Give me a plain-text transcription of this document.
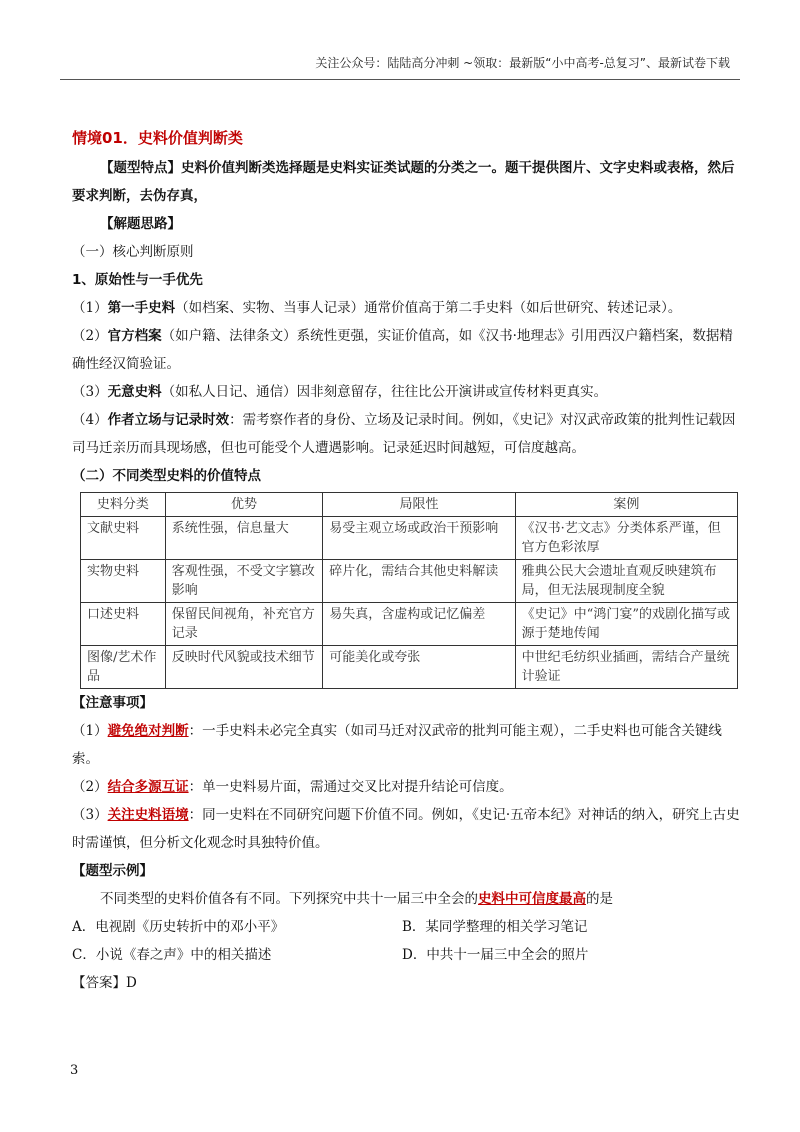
关注公众号：陆陆高分冲刺 ~领取：最新版“小中高考-总复习”、最新试卷下载
情境01．史料价值判断类

【题型特点】史料价值判断类选择题是史料实证类试题的分类之一。题干提供图片、文字史料或表格，然后要求判断，去伪存真，

【解题思路】

（一）核心判断原则

1、原始性与一手优先

（1）第一手史料（如档案、实物、当事人记录）通常价值高于第二手史料（如后世研究、转述记录）。

（2）官方档案（如户籍、法律条文）系统性更强，实证价值高，如《汉书·地理志》引用西汉户籍档案，数据精确性经汉简验证。

（3）无意史料（如私人日记、通信）因非刻意留存，往往比公开演讲或宣传材料更真实。

（4）作者立场与记录时效：需考察作者的身份、立场及记录时间。例如，《史记》对汉武帝政策的批判性记载因司马迁亲历而具现场感，但也可能受个人遭遇影响。记录延迟时间越短，可信度越高。

（二）不同类型史料的价值特点

史料分类	优势	局限性	案例
文献史料	系统性强，信息量大	易受主观立场或政治干预影响	《汉书·艺文志》分类体系严谨，但官方色彩浓厚
实物史料	客观性强，不受文字篡改影响	碎片化，需结合其他史料解读	雅典公民大会遗址直观反映建筑布局，但无法展现制度全貌
口述史料	保留民间视角，补充官方记录	易失真，含虚构或记忆偏差	《史记》中“鸿门宴”的戏剧化描写或源于楚地传闻
图像/艺术作品	反映时代风貌或技术细节	可能美化或夸张	中世纪毛纺织业插画，需结合产量统计验证

【注意事项】

（1）避免绝对判断：一手史料未必完全真实（如司马迁对汉武帝的批判可能主观），二手史料也可能含关键线索。

（2）结合多源互证：单一史料易片面，需通过交叉比对提升结论可信度。

（3）关注史料语境：同一史料在不同研究问题下价值不同。例如，《史记·五帝本纪》对神话的纳入，研究上古史时需谨慎，但分析文化观念时具独特价值。

【题型示例】

不同类型的史料价值各有不同。下列探究中共十一届三中全会的史料中可信度最高的是

A．电视剧《历史转折中的邓小平》	B．某同学整理的相关学习笔记
C．小说《春之声》中的相关描述	D．中共十一届三中全会的照片

【答案】D

3
